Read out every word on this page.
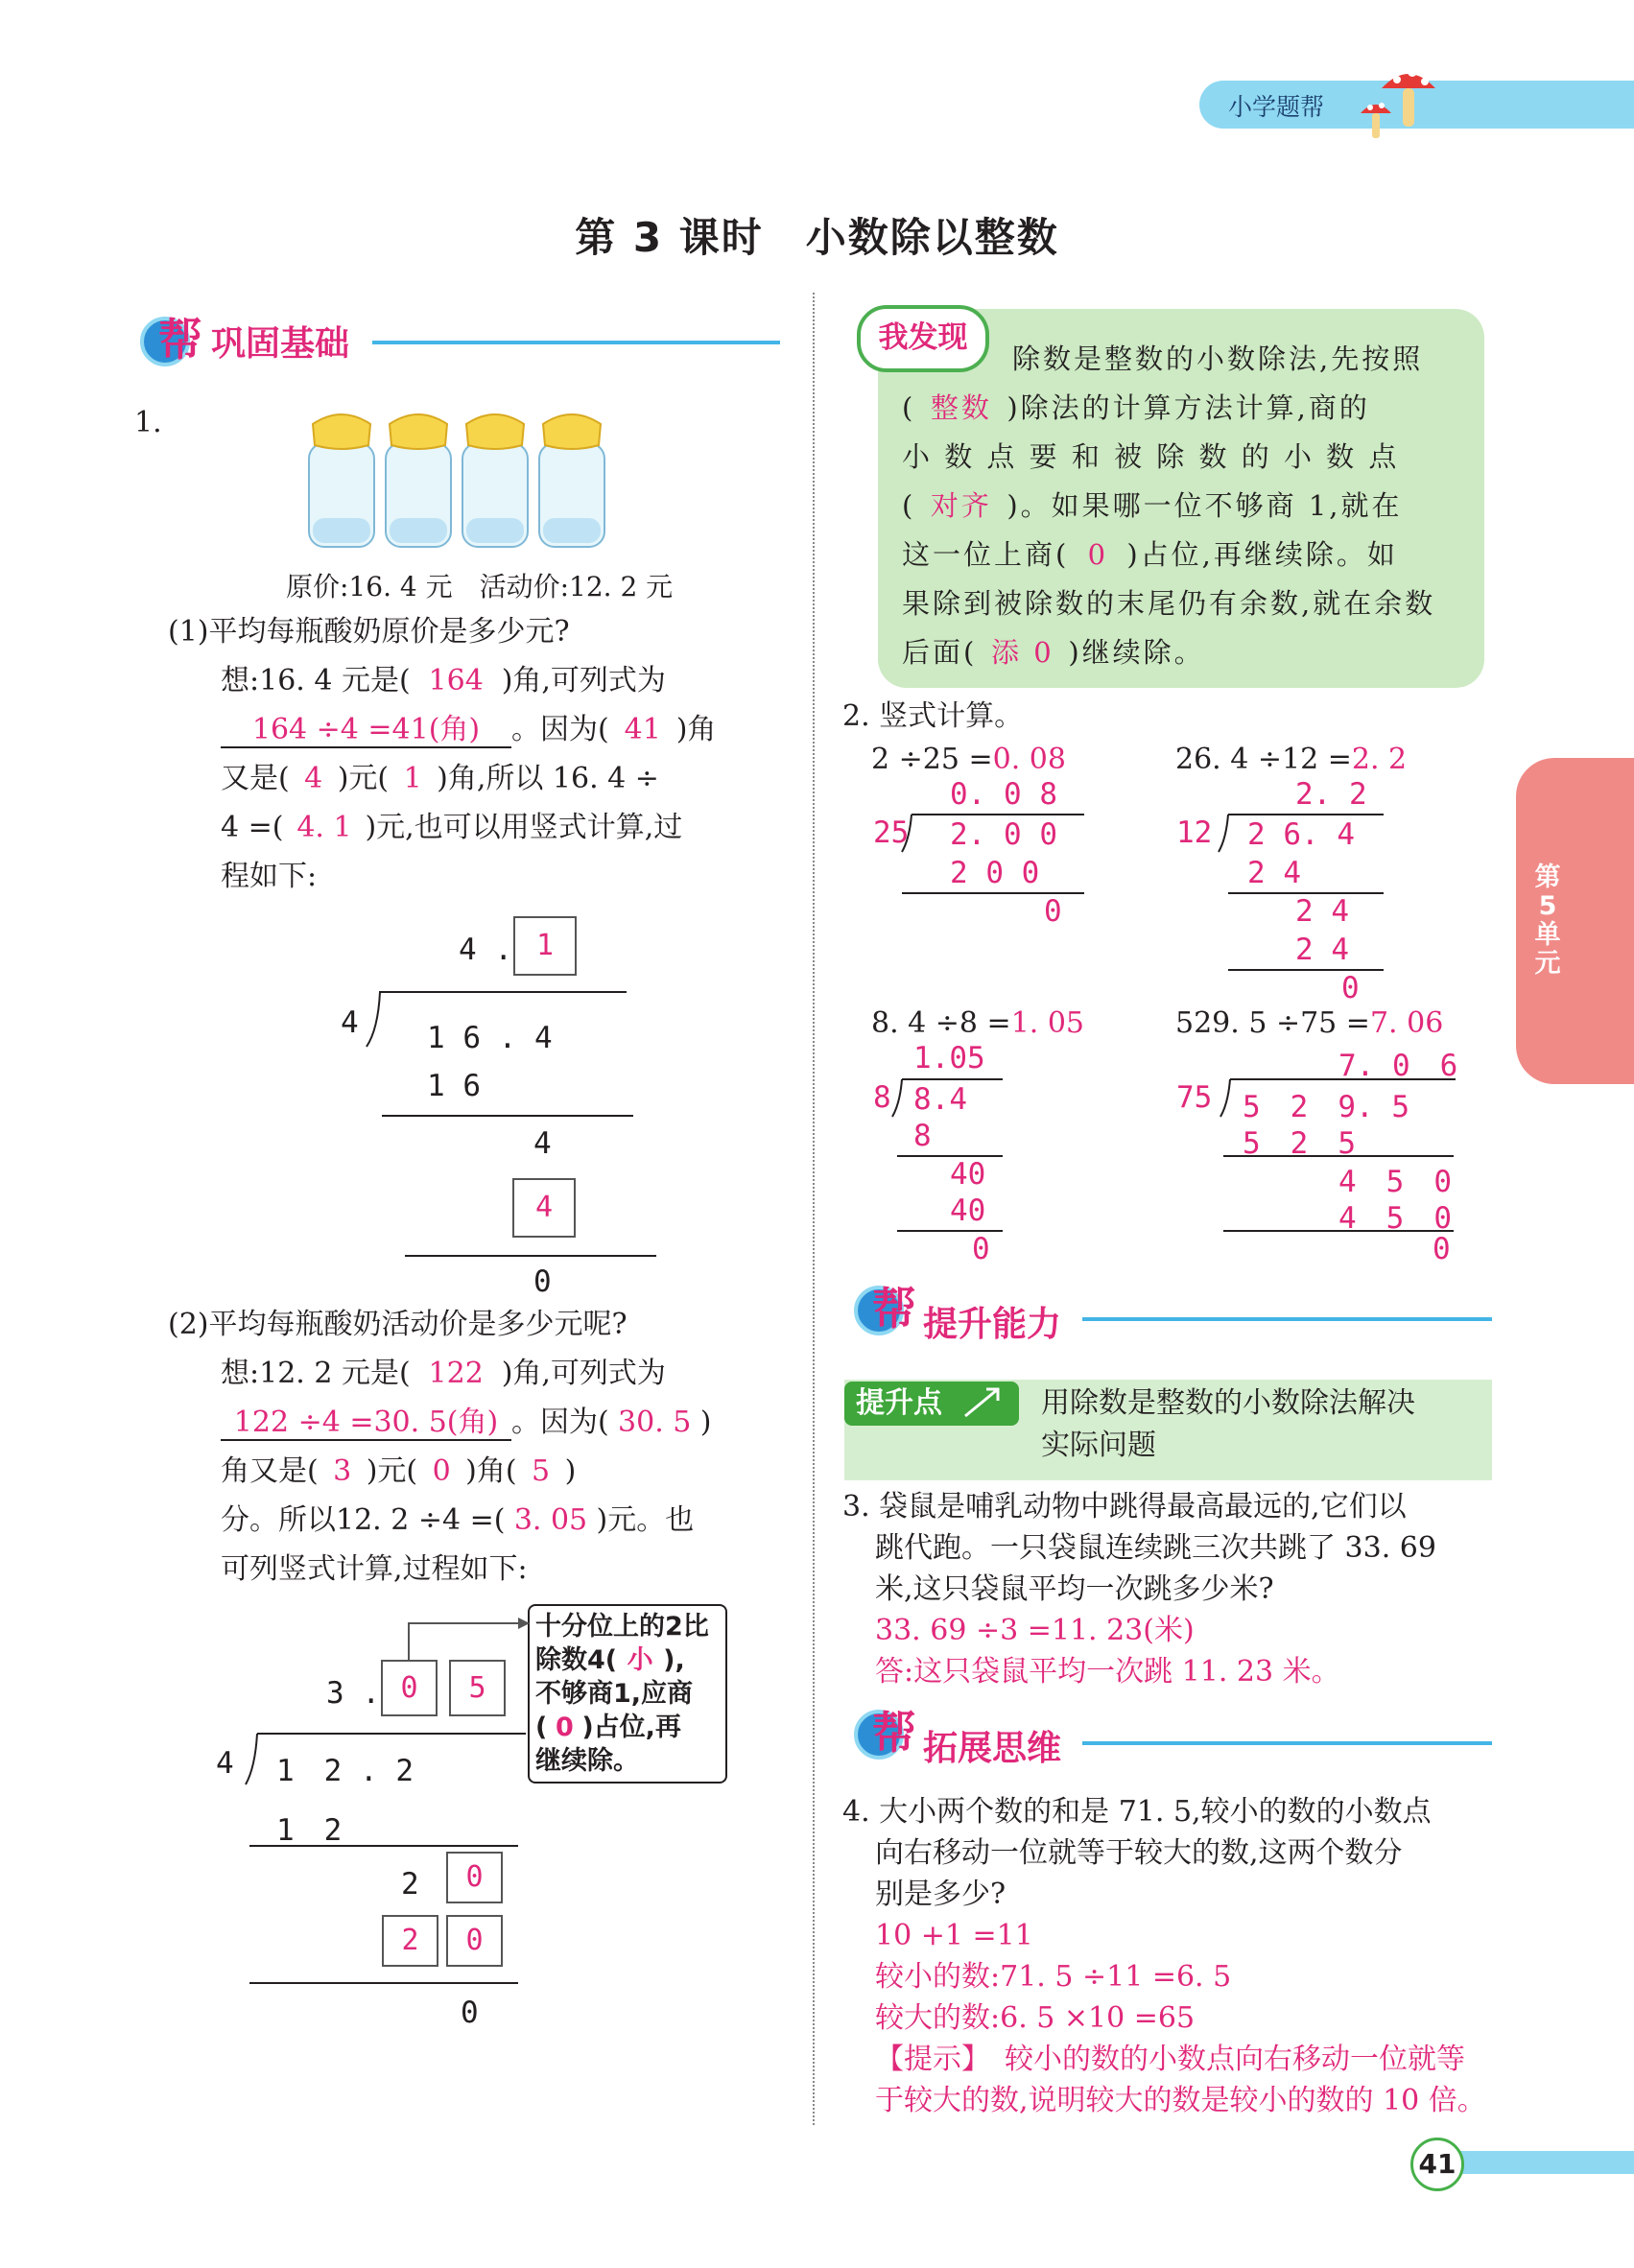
小学题帮
第 3 课时　小数除以整数
帮 巩固基础
1.
原价:16. 4 元　活动价:12. 2 元
(1)平均每瓶酸奶原价是多少元?
想:16. 4 元是( 164 )角,可列式为
164 ÷4 =41(角) 。因为( 41 )角
又是( 4 )元( 1 )角,所以 16. 4 ÷
4 =( 4. 1 )元,也可以用竖式计算,过
程如下:
4 . 1
4 1 6 . 4
1 6
4
4
0
(2)平均每瓶酸奶活动价是多少元呢?
想:12. 2 元是( 122 )角,可列式为
122 ÷4 =30. 5(角) 。因为( 30. 5 )
角又是( 3 )元( 0 )角( 5 )
分。所以12. 2 ÷4 =( 3. 05 )元。也
可列竖式计算,过程如下:
十分位上的2比
除数4( 小 ),
不够商1,应商
( 0 )占位,再
继续除。
3 . 0	5
4 1　2 . 2
1　2
2	0
2	0
0
我发现
除数是整数的小数除法,先按照
( 整数 )除法的计算方法计算,商的
小 数 点 要 和 被 除 数 的 小 数 点
( 对齐 )。如果哪一位不够商 1,就在
这一位上商( 0 )占位,再继续除。如
果除到被除数的末尾仍有余数,就在余数
后面( 添 0 )继续除。
第5单元
2. 竖式计算。
2 ÷25 =0. 08
0. 0 8
25 2. 0 0
2 0 0
0
26. 4 ÷12 =2. 2
2. 2
12 2 6. 4
2 4
2 4
2 4
0
8. 4 ÷8 =1. 05
1.05
8 8.4
8
40
40
0
529. 5 ÷75 =7. 06
7. 0　6
75 5　2　9. 5
5　2　5
4　5　0
4　5　0
0
帮 提升能力
提升点	用除数是整数的小数除法解决
实际问题
3. 袋鼠是哺乳动物中跳得最高最远的,它们以
跳代跑。一只袋鼠连续跳三次共跳了 33. 69
米,这只袋鼠平均一次跳多少米?
33. 69 ÷3 =11. 23(米)
答:这只袋鼠平均一次跳 11. 23 米。
帮 拓展思维
4. 大小两个数的和是 71. 5,较小的数的小数点
向右移动一位就等于较大的数,这两个数分
别是多少?
10 +1 =11
较小的数:71. 5 ÷11 =6. 5
较大的数:6. 5 ×10 =65
【提示】　较小的数的小数点向右移动一位就等
于较大的数,说明较大的数是较小的数的 10 倍。
41
